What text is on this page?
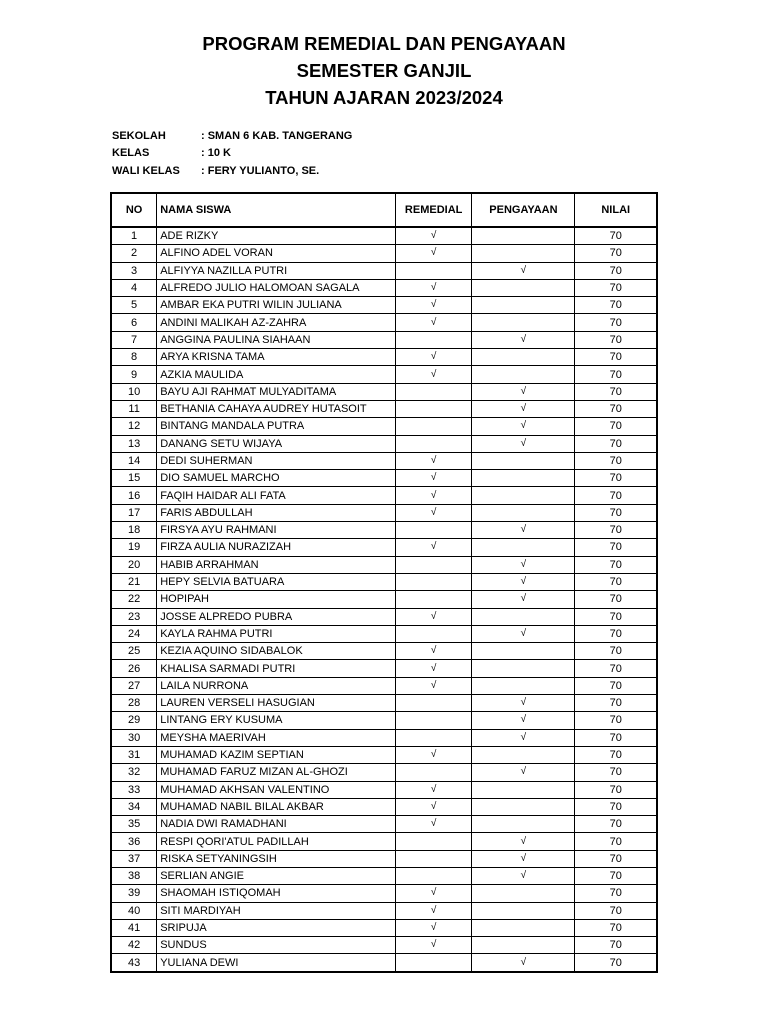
PROGRAM REMEDIAL DAN PENGAYAAN
SEMESTER GANJIL
TAHUN AJARAN 2023/2024
SEKOLAH	: SMAN 6 KAB. TANGERANG
KELAS	: 10 K
WALI KELAS : FERY YULIANTO, SE.
NO	NAMA SISWA	REMEDIAL	PENGAYAAN	NILAI
1	ADE RIZKY	√		70
2	ALFINO ADEL VORAN	√		70
3	ALFIYYA NAZILLA PUTRI		√	70
4	ALFREDO JULIO HALOMOAN SAGALA	√		70
5	AMBAR EKA PUTRI WILIN JULIANA	√		70
6	ANDINI MALIKAH AZ-ZAHRA	√		70
7	ANGGINA PAULINA SIAHAAN		√	70
8	ARYA KRISNA TAMA	√		70
9	AZKIA MAULIDA	√		70
10	BAYU AJI RAHMAT MULYADITAMA		√	70
11	BETHANIA CAHAYA AUDREY HUTASOIT		√	70
12	BINTANG MANDALA PUTRA		√	70
13	DANANG SETU WIJAYA		√	70
14	DEDI SUHERMAN	√		70
15	DIO SAMUEL MARCHO	√		70
16	FAQIH HAIDAR ALI FATA	√		70
17	FARIS ABDULLAH	√		70
18	FIRSYA AYU RAHMANI		√	70
19	FIRZA AULIA NURAZIZAH	√		70
20	HABIB ARRAHMAN		√	70
21	HEPY SELVIA BATUARA		√	70
22	HOPIPAH		√	70
23	JOSSE ALPREDO PUBRA	√		70
24	KAYLA RAHMA PUTRI		√	70
25	KEZIA AQUINO SIDABALOK	√		70
26	KHALISA SARMADI PUTRI	√		70
27	LAILA NURRONA	√		70
28	LAUREN VERSELI HASUGIAN		√	70
29	LINTANG ERY KUSUMA		√	70
30	MEYSHA MAERIVAH		√	70
31	MUHAMAD KAZIM SEPTIAN	√		70
32	MUHAMAD FARUZ MIZAN AL-GHOZI		√	70
33	MUHAMAD AKHSAN VALENTINO	√		70
34	MUHAMAD NABIL BILAL AKBAR	√		70
35	NADIA DWI RAMADHANI	√		70
36	RESPI QORI'ATUL PADILLAH		√	70
37	RISKA SETYANINGSIH		√	70
38	SERLIAN ANGIE		√	70
39	SHAOMAH ISTIQOMAH	√		70
40	SITI MARDIYAH	√		70
41	SRIPUJA	√		70
42	SUNDUS	√		70
43	YULIANA DEWI		√	70
